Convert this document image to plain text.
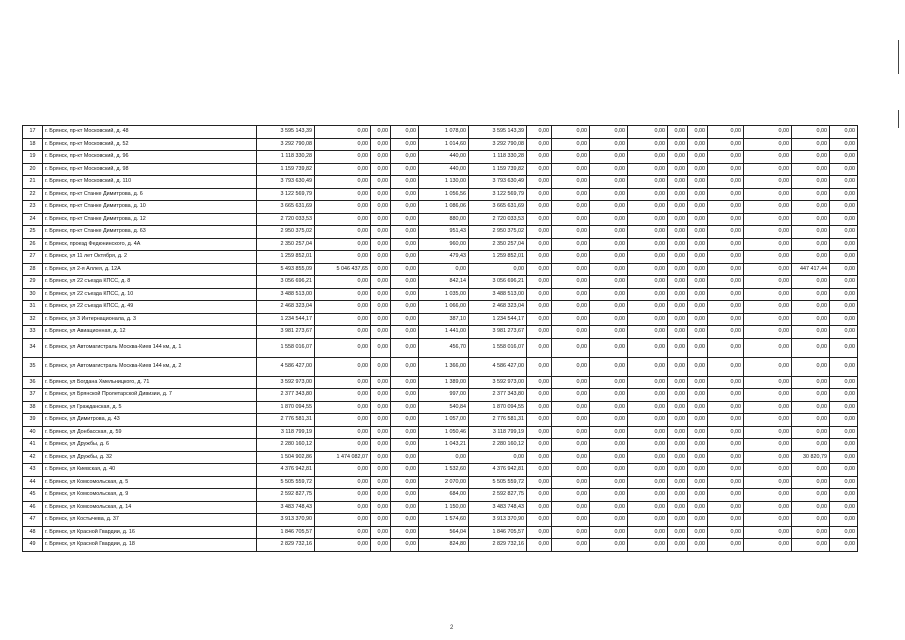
17	г. Брянск, пр-кт Московский, д. 48	3 595 143,39	0,00	0,00	0,00	1 078,00	3 595 143,39	0,00	0,00	0,00	0,00	0,00	0,00	0,00	0,00	0,00	0,00
18	г. Брянск, пр-кт Московский, д. 52	3 292 790,08	0,00	0,00	0,00	1 014,60	3 292 790,08	0,00	0,00	0,00	0,00	0,00	0,00	0,00	0,00	0,00	0,00
19	г. Брянск, пр-кт Московский, д. 96	1 118 330,28	0,00	0,00	0,00	440,00	1 118 330,28	0,00	0,00	0,00	0,00	0,00	0,00	0,00	0,00	0,00	0,00
20	г. Брянск, пр-кт Московский, д. 98	1 159 739,82	0,00	0,00	0,00	440,00	1 159 739,82	0,00	0,00	0,00	0,00	0,00	0,00	0,00	0,00	0,00	0,00
21	г. Брянск, пр-кт Московский, д. 110	3 793 630,49	0,00	0,00	0,00	1 130,00	3 793 630,49	0,00	0,00	0,00	0,00	0,00	0,00	0,00	0,00	0,00	0,00
22	г. Брянск, пр-кт Станке Димитрова, д. 6	3 122 569,79	0,00	0,00	0,00	1 056,56	3 122 569,79	0,00	0,00	0,00	0,00	0,00	0,00	0,00	0,00	0,00	0,00
23	г. Брянск, пр-кт Станке Димитрова, д. 10	3 665 631,69	0,00	0,00	0,00	1 086,06	3 665 631,69	0,00	0,00	0,00	0,00	0,00	0,00	0,00	0,00	0,00	0,00
24	г. Брянск, пр-кт Станке Димитрова, д. 12	2 720 033,53	0,00	0,00	0,00	880,00	2 720 033,53	0,00	0,00	0,00	0,00	0,00	0,00	0,00	0,00	0,00	0,00
25	г. Брянск, пр-кт Станке Димитрова, д. 63	2 950 375,02	0,00	0,00	0,00	951,43	2 950 375,02	0,00	0,00	0,00	0,00	0,00	0,00	0,00	0,00	0,00	0,00
26	г. Брянск, проезд Федюнинского, д. 4А	2 350 257,04	0,00	0,00	0,00	960,00	2 350 257,04	0,00	0,00	0,00	0,00	0,00	0,00	0,00	0,00	0,00	0,00
27	г. Брянск, ул 11 лет Октября, д. 2	1 259 852,01	0,00	0,00	0,00	479,43	1 259 852,01	0,00	0,00	0,00	0,00	0,00	0,00	0,00	0,00	0,00	0,00
28	г. Брянск, ул 2-я Аллея, д. 12А	5 493 855,09	5 046 437,65	0,00	0,00	0,00	0,00	0,00	0,00	0,00	0,00	0,00	0,00	0,00	0,00	447 417,44	0,00
29	г. Брянск, ул 22 съезда КПСС, д. 8	3 056 696,21	0,00	0,00	0,00	842,14	3 056 696,21	0,00	0,00	0,00	0,00	0,00	0,00	0,00	0,00	0,00	0,00
30	г. Брянск, ул 22 съезда КПСС, д. 10	3 488 513,00	0,00	0,00	0,00	1 035,00	3 488 513,00	0,00	0,00	0,00	0,00	0,00	0,00	0,00	0,00	0,00	0,00
31	г. Брянск, ул 22 съезда КПСС, д. 49	2 468 323,04	0,00	0,00	0,00	1 066,00	2 468 323,04	0,00	0,00	0,00	0,00	0,00	0,00	0,00	0,00	0,00	0,00
32	г. Брянск, ул 3 Интернационала, д. 3	1 234 544,17	0,00	0,00	0,00	387,10	1 234 544,17	0,00	0,00	0,00	0,00	0,00	0,00	0,00	0,00	0,00	0,00
33	г. Брянск, ул Авиационная, д. 12	3 981 273,67	0,00	0,00	0,00	1 441,00	3 981 273,67	0,00	0,00	0,00	0,00	0,00	0,00	0,00	0,00	0,00	0,00
34	г. Брянск, ул Автомагистраль Москва-Киев 144 км, д. 1	1 558 016,07	0,00	0,00	0,00	456,70	1 558 016,07	0,00	0,00	0,00	0,00	0,00	0,00	0,00	0,00	0,00	0,00
35	г. Брянск, ул Автомагистраль Москва-Киев 144 км, д. 2	4 586 427,00	0,00	0,00	0,00	1 366,00	4 586 427,00	0,00	0,00	0,00	0,00	0,00	0,00	0,00	0,00	0,00	0,00
36	г. Брянск, ул Богдана Хмельницкого, д. 71	3 592 973,00	0,00	0,00	0,00	1 389,00	3 592 973,00	0,00	0,00	0,00	0,00	0,00	0,00	0,00	0,00	0,00	0,00
37	г. Брянск, ул Брянской Пролетарской Дивизии, д. 7	2 377 343,80	0,00	0,00	0,00	997,00	2 377 343,80	0,00	0,00	0,00	0,00	0,00	0,00	0,00	0,00	0,00	0,00
38	г. Брянск, ул Гражданская, д. 5	1 870 094,55	0,00	0,00	0,00	540,84	1 870 094,55	0,00	0,00	0,00	0,00	0,00	0,00	0,00	0,00	0,00	0,00
39	г. Брянск, ул Димитрова, д. 43	2 776 581,31	0,00	0,00	0,00	1 057,00	2 776 581,31	0,00	0,00	0,00	0,00	0,00	0,00	0,00	0,00	0,00	0,00
40	г. Брянск, ул Донбасская, д. 59	3 118 799,19	0,00	0,00	0,00	1 050,46	3 118 799,19	0,00	0,00	0,00	0,00	0,00	0,00	0,00	0,00	0,00	0,00
41	г. Брянск, ул Дружбы, д. 6	2 280 160,12	0,00	0,00	0,00	1 043,21	2 280 160,12	0,00	0,00	0,00	0,00	0,00	0,00	0,00	0,00	0,00	0,00
42	г. Брянск, ул Дружбы, д. 32	1 504 902,86	1 474 082,07	0,00	0,00	0,00	0,00	0,00	0,00	0,00	0,00	0,00	0,00	0,00	0,00	30 820,79	0,00
43	г. Брянск, ул Киевская, д. 40	4 376 942,81	0,00	0,00	0,00	1 532,60	4 376 942,81	0,00	0,00	0,00	0,00	0,00	0,00	0,00	0,00	0,00	0,00
44	г. Брянск, ул Комсомольская, д. 5	5 505 559,72	0,00	0,00	0,00	2 070,00	5 505 559,72	0,00	0,00	0,00	0,00	0,00	0,00	0,00	0,00	0,00	0,00
45	г. Брянск, ул Комсомольская, д. 9	2 592 827,75	0,00	0,00	0,00	684,00	2 592 827,75	0,00	0,00	0,00	0,00	0,00	0,00	0,00	0,00	0,00	0,00
46	г. Брянск, ул Комсомольская, д. 14	3 483 748,43	0,00	0,00	0,00	1 150,00	3 483 748,43	0,00	0,00	0,00	0,00	0,00	0,00	0,00	0,00	0,00	0,00
47	г. Брянск, ул Костычева, д. 37	3 913 370,90	0,00	0,00	0,00	1 574,60	3 913 370,90	0,00	0,00	0,00	0,00	0,00	0,00	0,00	0,00	0,00	0,00
48	г. Брянск, ул Красной Гвардии, д. 16	1 846 705,57	0,00	0,00	0,00	564,04	1 846 705,57	0,00	0,00	0,00	0,00	0,00	0,00	0,00	0,00	0,00	0,00
49	г. Брянск, ул Красной Гвардии, д. 18	2 829 732,16	0,00	0,00	0,00	824,80	2 829 732,16	0,00	0,00	0,00	0,00	0,00	0,00	0,00	0,00	0,00	0,00
2
